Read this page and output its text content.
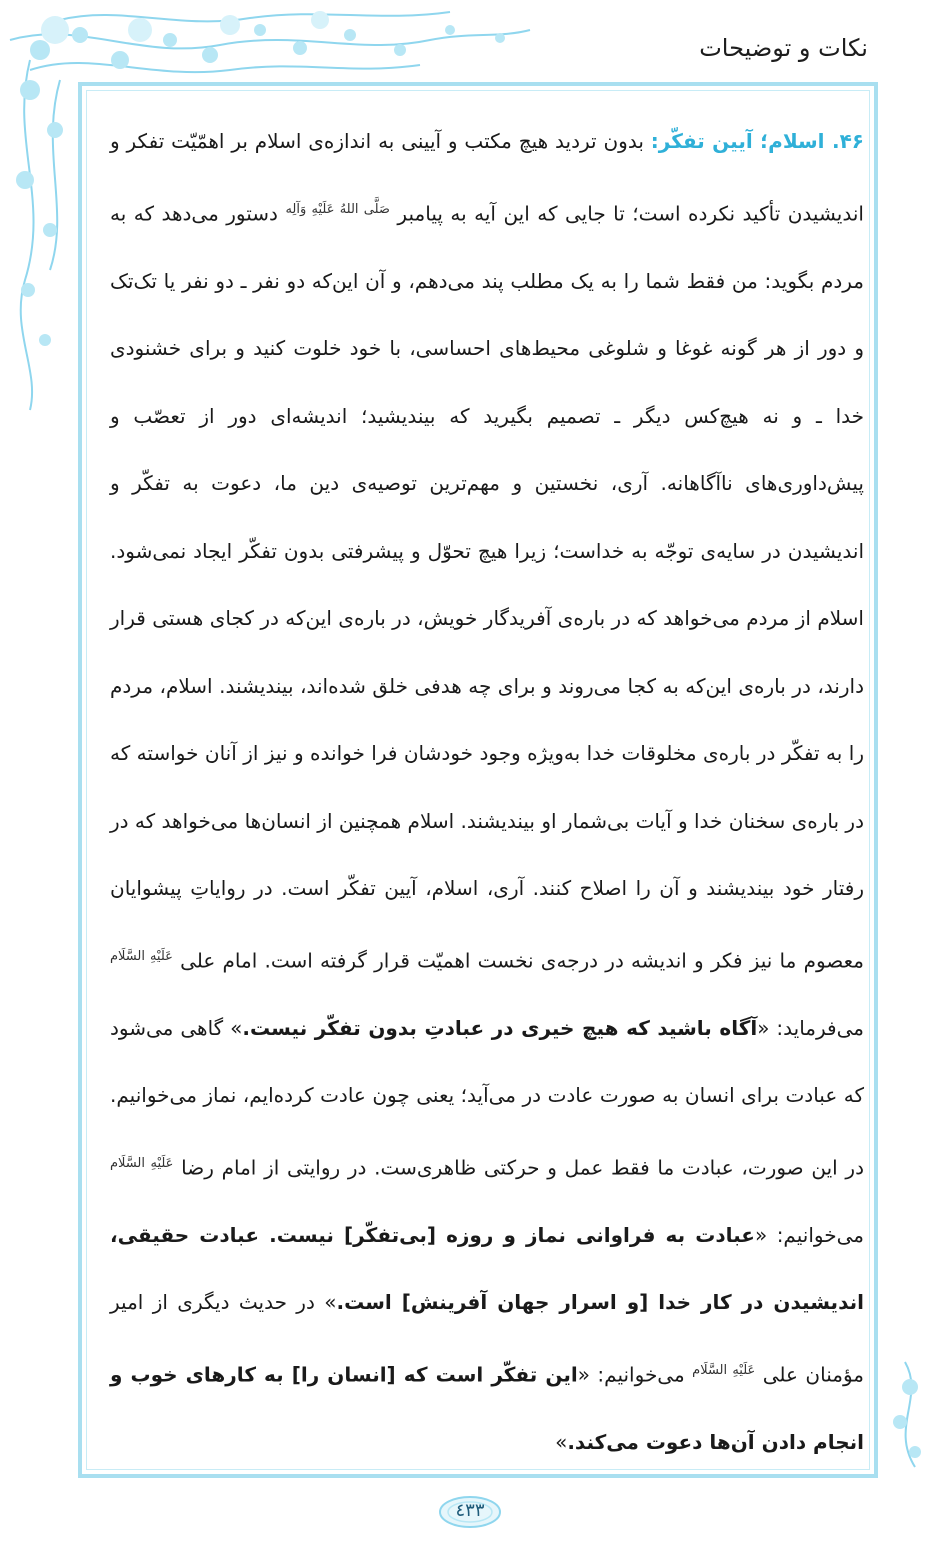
نکات و توضیحات

۴۶. اسلام؛ آیین تفکّر: بدون تردید هیچ مکتب و آیینی به اندازه‌ی اسلام بر اهمّیّت تفکر و اندیشیدن تأکید نکرده است؛ تا جایی که این آیه به پیامبر $^{صَلَّى اللهُ عَلَيْهِ وَآلِه}$ دستور می‌دهد که به مردم بگوید: من فقط شما را به یک مطلب پند می‌دهم، و آن این‌که دو نفر ـ دو نفر یا تک‌تک و دور از هر گونه غوغا و شلوغی محیط‌های احساسی، با خود خلوت کنید و برای خشنودی خدا ـ و نه هیچ‌کس دیگر ـ تصمیم بگیرید که بیندیشید؛ اندیشه‌ای دور از تعصّب و پیش‌داوری‌های ناآگاهانه. آری، نخستین و مهم‌ترین توصیه‌ی دین ما، دعوت به تفکّر و اندیشیدن در سایه‌ی توجّه به خداست؛ زیرا هیچ تحوّل و پیشرفتی بدون تفکّر ایجاد نمی‌شود. اسلام از مردم می‌خواهد که در باره‌ی آفریدگار خویش، در باره‌ی این‌که در کجای هستی قرار دارند، در باره‌ی این‌که به کجا می‌روند و برای چه هدفی خلق شده‌اند، بیندیشند. اسلام، مردم را به تفکّر در باره‌ی مخلوقات خدا به‌ویژه وجود خودشان فرا خوانده و نیز از آنان خواسته که در باره‌ی سخنان خدا و آیات بی‌شمار او بیندیشند. اسلام همچنین از انسان‌ها می‌خواهد که در رفتار خود بیندیشند و آن را اصلاح کنند. آری، اسلام، آیین تفکّر است. در روایاتِ پیشوایان معصوم ما نیز فکر و اندیشه در درجه‌ی نخست اهمیّت قرار گرفته است. امام علی $^{عَلَيْهِ السَّلَام}$ می‌فرماید: «آگاه باشید که هیچ خیری در عبادتِ بدون تفکّر نیست.» گاهی می‌شود که عبادت برای انسان به صورت عادت در می‌آید؛ یعنی چون عادت کرده‌ایم، نماز می‌خوانیم. در این صورت، عبادت ما فقط عمل و حرکتی ظاهری‌ست. در روایتی از امام رضا $^{عَلَيْهِ السَّلَام}$ می‌خوانیم: «عبادت به فراوانی نماز و روزه [بی‌تفکّر] نیست. عبادت حقیقی، اندیشیدن در کار خدا [و اسرار جهان آفرینش] است.» در حدیث دیگری از امیر مؤمنان علی $^{عَلَيْهِ السَّلَام}$ می‌خوانیم: «این تفکّر است که [انسان را] به کارهای خوب و انجام دادن آن‌ها دعوت می‌کند.»

٤٣٣
